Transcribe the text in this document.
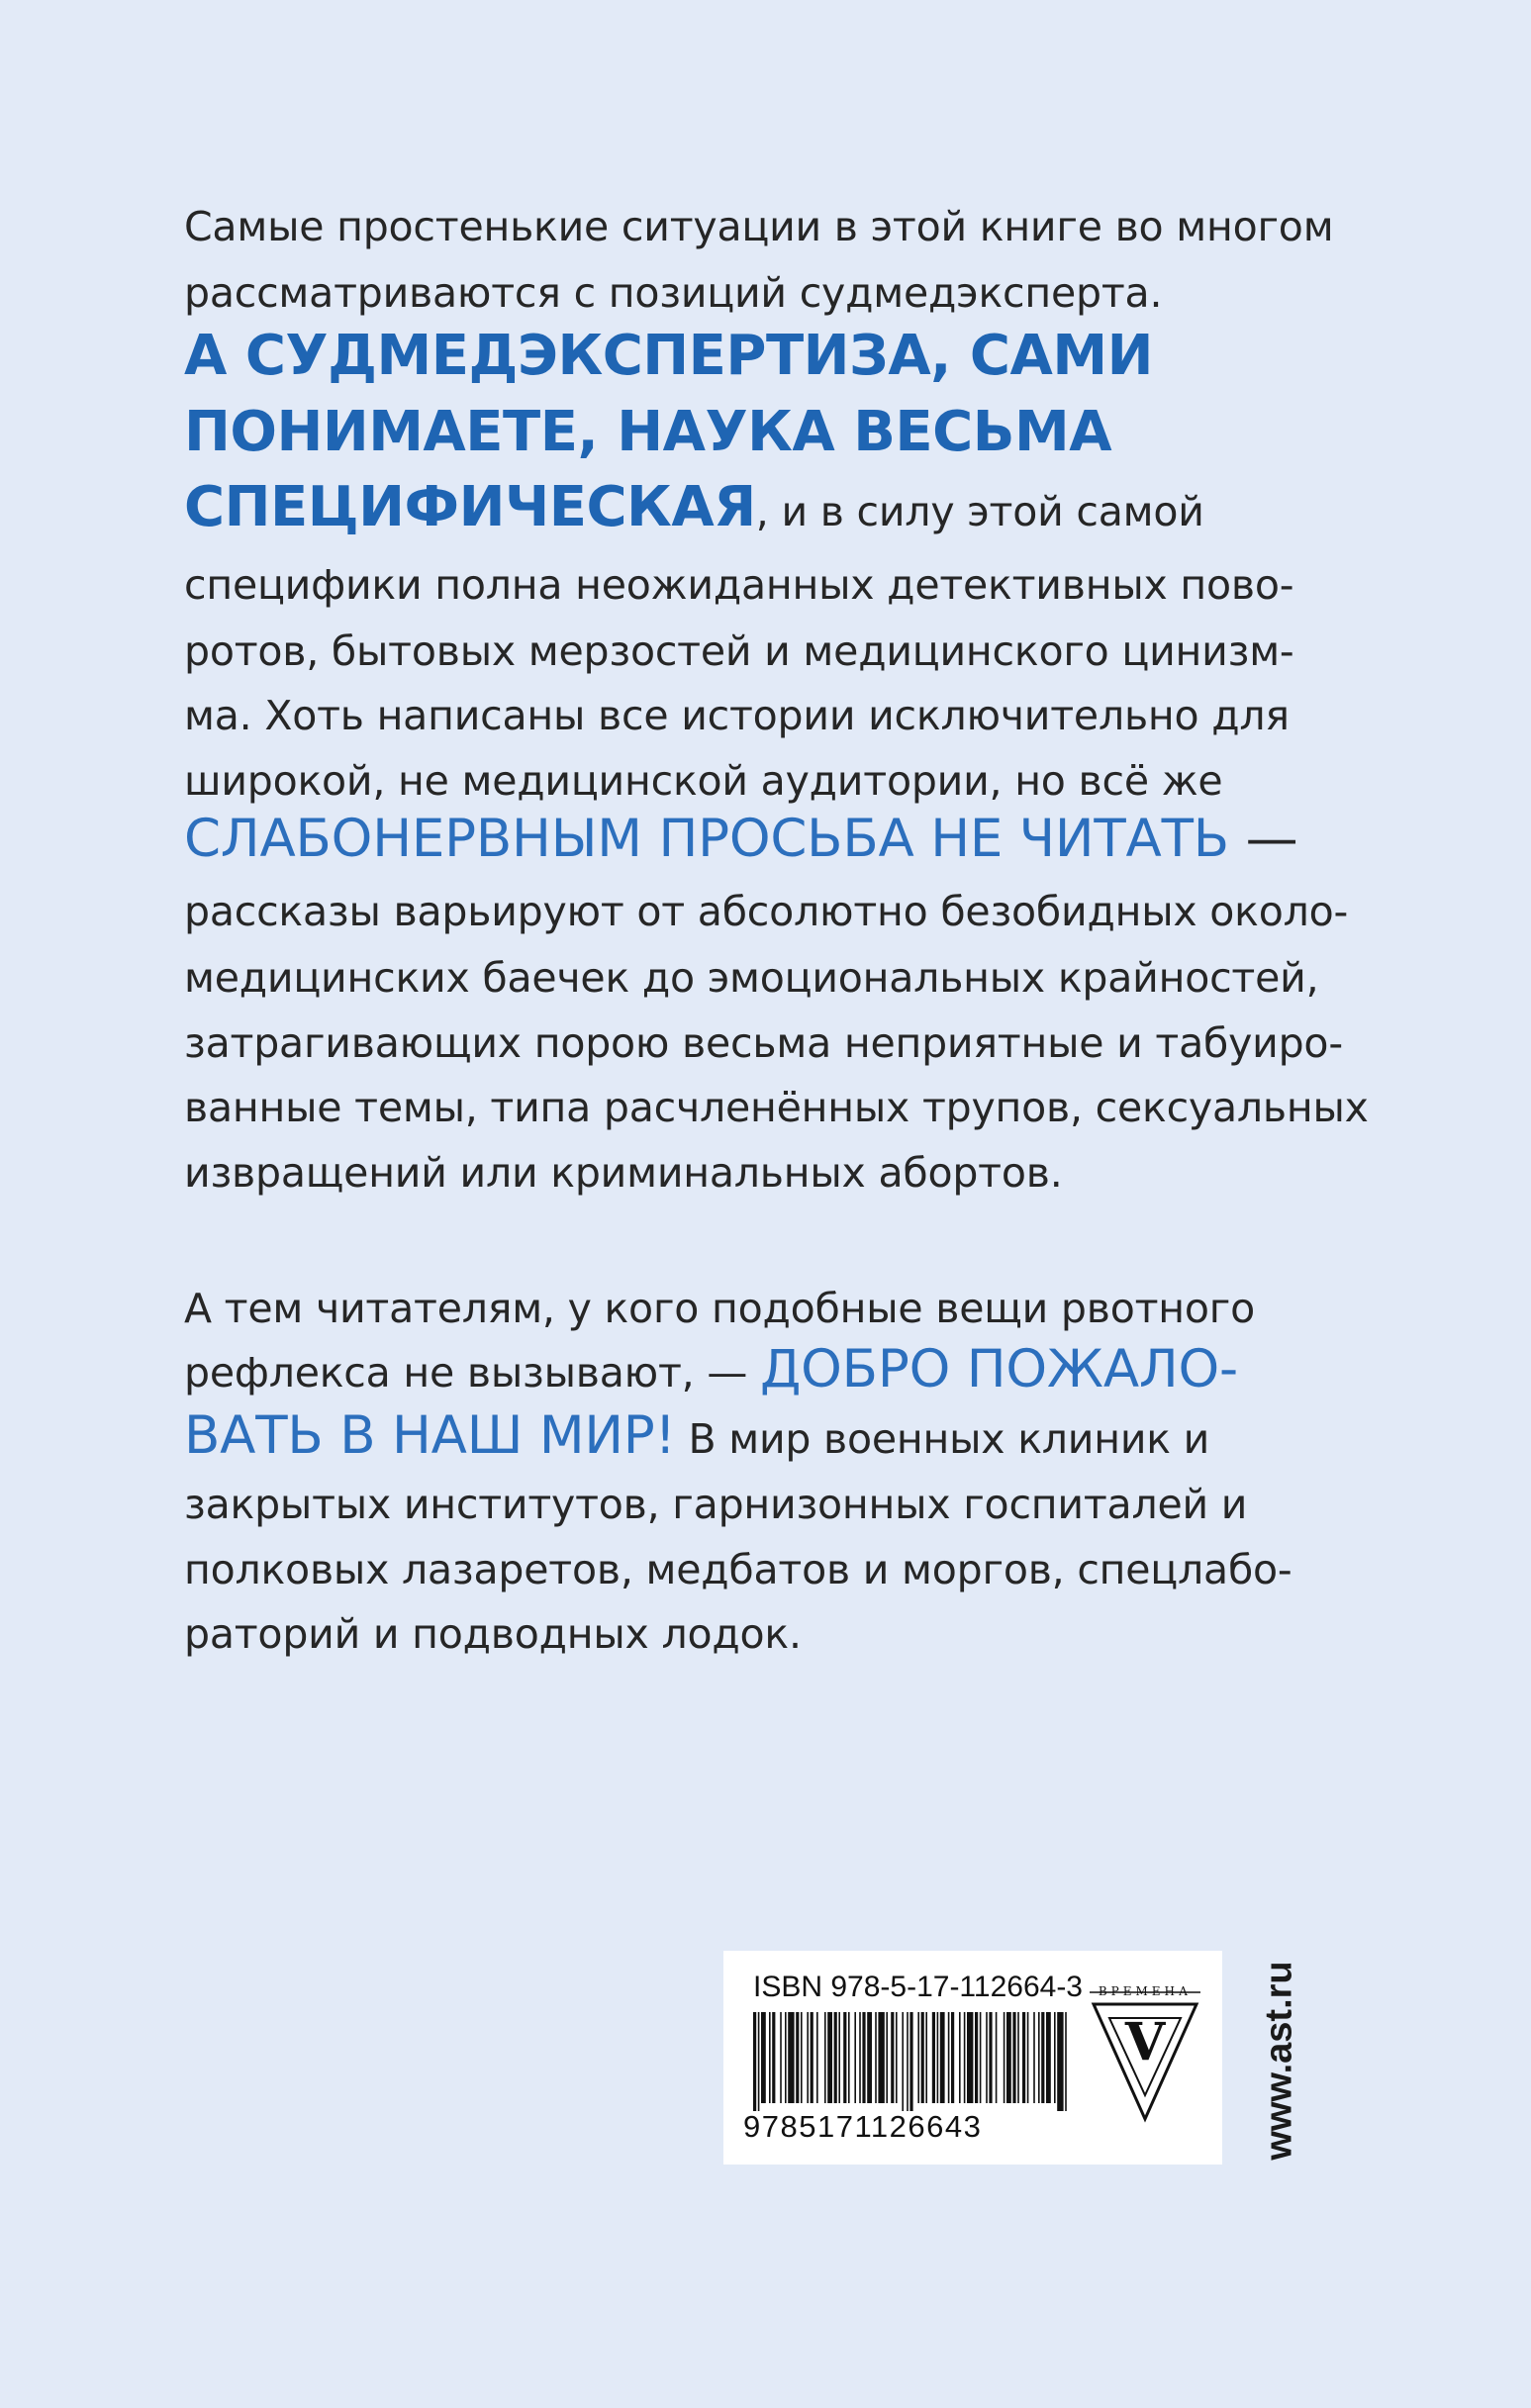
Самые простенькие ситуации в этой книге во многом

рассматриваются с позиций судмедэксперта.

А СУДМЕДЭКСПЕРТИЗА, САМИ

ПОНИМАЕТЕ, НАУКА ВЕСЬМА

СПЕЦИФИЧЕСКАЯ, и в силу этой самой

специфики полна неожиданных детективных пово-

ротов, бытовых мерзостей и медицинского цинизм-

ма. Хоть написаны все истории исключительно для

широкой, не медицинской аудитории, но всё же

СЛАБОНЕРВНЫМ ПРОСЬБА НЕ ЧИТАТЬ —

рассказы варьируют от абсолютно безобидных около-

медицинских баечек до эмоциональных крайностей,

затрагивающих порою весьма неприятные и табуиро-

ванные темы, типа расчленённых трупов, сексуальных

извращений или криминальных абортов.

А тем читателям, у кого подобные вещи рвотного

рефлекса не вызывают, — ДОБРО ПОЖАЛО-

ВАТЬ В НАШ МИР! В мир военных клиник и

закрытых институтов, гарнизонных госпиталей и

полковых лазаретов, медбатов и моргов, спецлабо-

раторий и подводных лодок.

ISBN 978-5-17-112664-3
9785171126643
ВРЕМЕНА
V www.ast.ru
